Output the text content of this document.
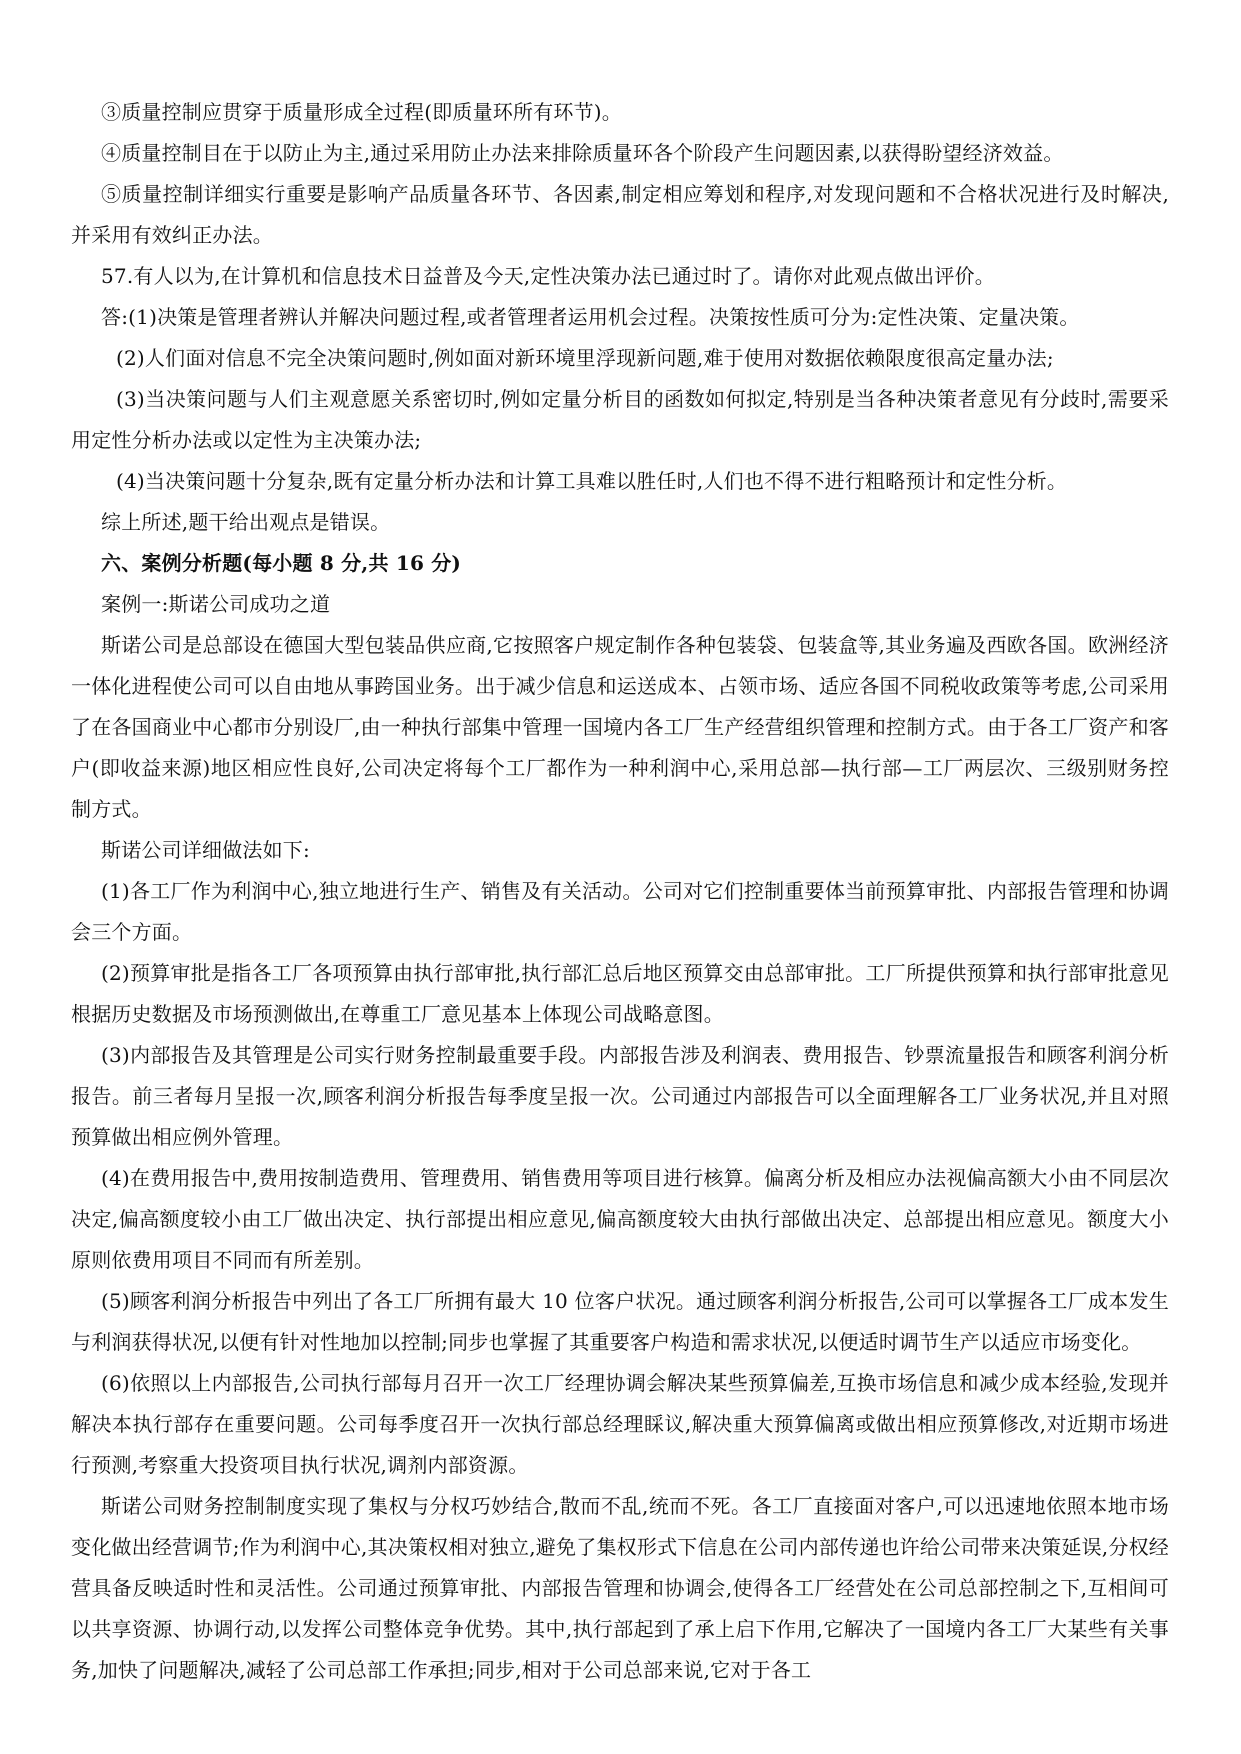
③质量控制应贯穿于质量形成全过程(即质量环所有环节)。

④质量控制目在于以防止为主,通过采用防止办法来排除质量环各个阶段产生问题因素,以获得盼望经济效益。

⑤质量控制详细实行重要是影响产品质量各环节、各因素,制定相应筹划和程序,对发现问题和不合格状况进行及时解决,并采用有效纠正办法。

57.有人以为,在计算机和信息技术日益普及今天,定性决策办法已通过时了。请你对此观点做出评价。

答:(1)决策是管理者辨认并解决问题过程,或者管理者运用机会过程。决策按性质可分为:定性决策、定量决策。

(2)人们面对信息不完全决策问题时,例如面对新环境里浮现新问题,难于使用对数据依赖限度很高定量办法;

(3)当决策问题与人们主观意愿关系密切时,例如定量分析目的函数如何拟定,特别是当各种决策者意见有分歧时,需要采用定性分析办法或以定性为主决策办法;

(4)当决策问题十分复杂,既有定量分析办法和计算工具难以胜任时,人们也不得不进行粗略预计和定性分析。

综上所述,题干给出观点是错误。

六、案例分析题(每小题 8 分,共 16 分)

案例一:斯诺公司成功之道

斯诺公司是总部设在德国大型包装品供应商,它按照客户规定制作各种包装袋、包装盒等,其业务遍及西欧各国。欧洲经济一体化进程使公司可以自由地从事跨国业务。出于减少信息和运送成本、占领市场、适应各国不同税收政策等考虑,公司采用了在各国商业中心都市分别设厂,由一种执行部集中管理一国境内各工厂生产经营组织管理和控制方式。由于各工厂资产和客户(即收益来源)地区相应性良好,公司决定将每个工厂都作为一种利润中心,采用总部—执行部—工厂两层次、三级别财务控制方式。

斯诺公司详细做法如下:

(1)各工厂作为利润中心,独立地进行生产、销售及有关活动。公司对它们控制重要体当前预算审批、内部报告管理和协调会三个方面。

(2)预算审批是指各工厂各项预算由执行部审批,执行部汇总后地区预算交由总部审批。工厂所提供预算和执行部审批意见根据历史数据及市场预测做出,在尊重工厂意见基本上体现公司战略意图。

(3)内部报告及其管理是公司实行财务控制最重要手段。内部报告涉及利润表、费用报告、钞票流量报告和顾客利润分析报告。前三者每月呈报一次,顾客利润分析报告每季度呈报一次。公司通过内部报告可以全面理解各工厂业务状况,并且对照预算做出相应例外管理。

(4)在费用报告中,费用按制造费用、管理费用、销售费用等项目进行核算。偏离分析及相应办法视偏高额大小由不同层次决定,偏高额度较小由工厂做出决定、执行部提出相应意见,偏高额度较大由执行部做出决定、总部提出相应意见。额度大小原则依费用项目不同而有所差别。

(5)顾客利润分析报告中列出了各工厂所拥有最大 10 位客户状况。通过顾客利润分析报告,公司可以掌握各工厂成本发生与利润获得状况,以便有针对性地加以控制;同步也掌握了其重要客户构造和需求状况,以便适时调节生产以适应市场变化。

(6)依照以上内部报告,公司执行部每月召开一次工厂经理协调会解决某些预算偏差,互换市场信息和减少成本经验,发现并解决本执行部存在重要问题。公司每季度召开一次执行部总经理睬议,解决重大预算偏离或做出相应预算修改,对近期市场进行预测,考察重大投资项目执行状况,调剂内部资源。

斯诺公司财务控制制度实现了集权与分权巧妙结合,散而不乱,统而不死。各工厂直接面对客户,可以迅速地依照本地市场变化做出经营调节;作为利润中心,其决策权相对独立,避免了集权形式下信息在公司内部传递也许给公司带来决策延误,分权经营具备反映适时性和灵活性。公司通过预算审批、内部报告管理和协调会,使得各工厂经营处在公司总部控制之下,互相间可以共享资源、协调行动,以发挥公司整体竞争优势。其中,执行部起到了承上启下作用,它解决了一国境内各工厂大某些有关事务,加快了问题解决,减轻了公司总部工作承担;同步,相对于公司总部来说,它对于各工
